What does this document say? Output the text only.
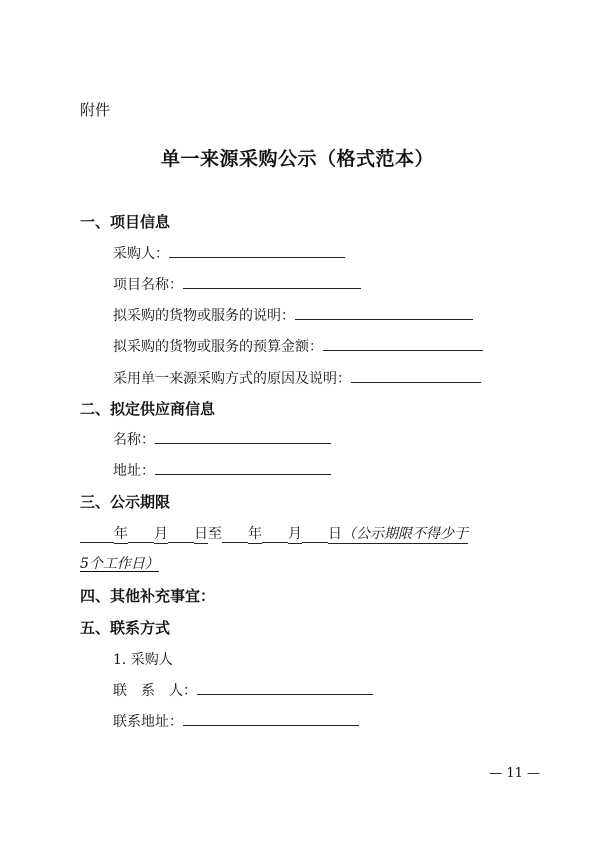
附件
单一来源采购公示（格式范本）
一、项目信息
采购人：
项目名称：
拟采购的货物或服务的说明：
拟采购的货物或服务的预算金额：
采用单一来源采购方式的原因及说明：
二、拟定供应商信息
名称：
地址：
三、公示期限
年 月 日至 年 月 日（公示期限不得少于
5个工作日）
四、其他补充事宜：
五、联系方式
1. 采购人
联　系　人：
联系地址：
— 11 —
